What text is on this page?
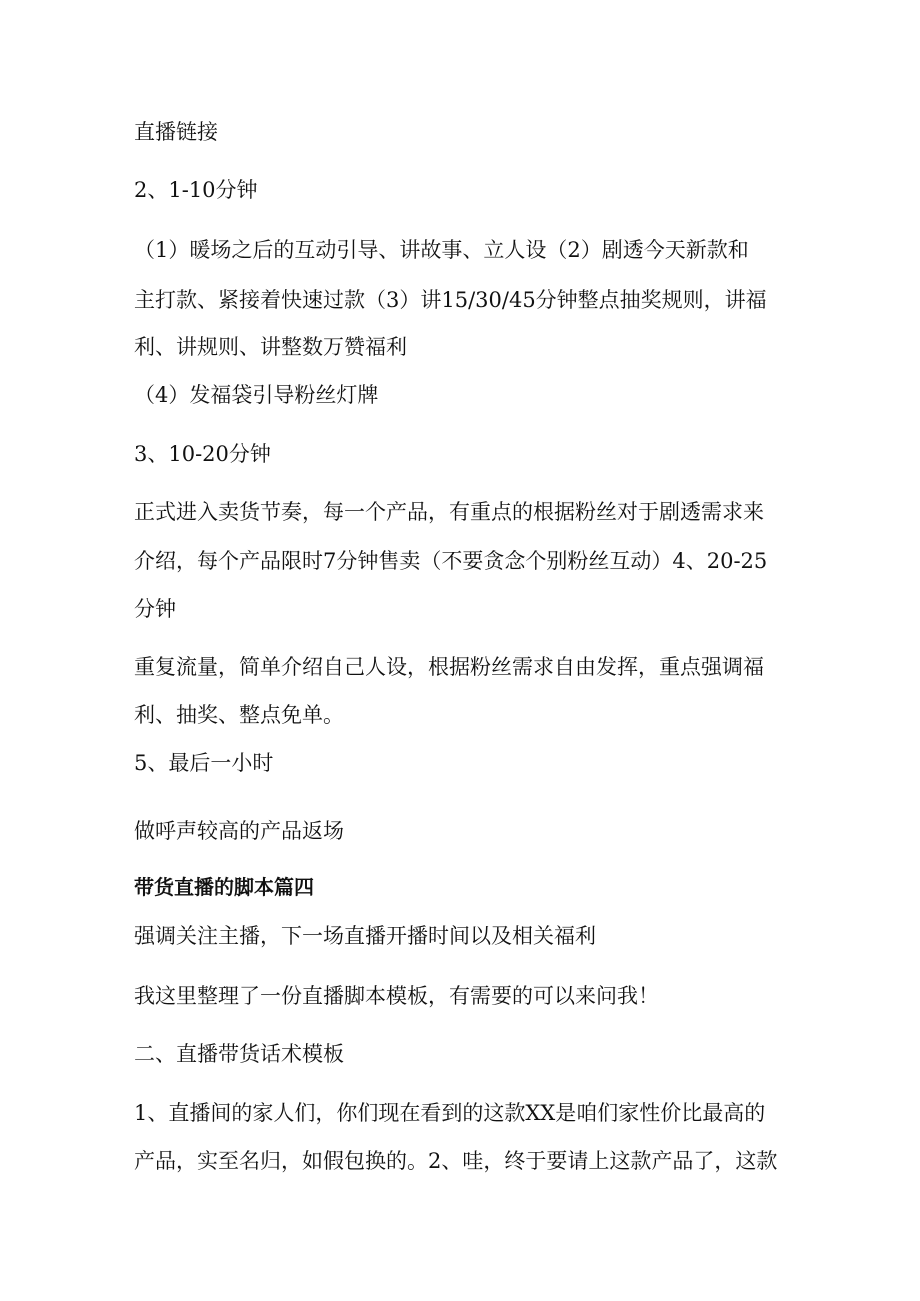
直播链接
2、1-10分钟
（1）暖场之后的互动引导、讲故事、立人设（2）剧透今天新款和
主打款、紧接着快速过款（3）讲15/30/45分钟整点抽奖规则，讲福
利、讲规则、讲整数万赞福利
（4）发福袋引导粉丝灯牌
3、10-20分钟
正式进入卖货节奏，每一个产品，有重点的根据粉丝对于剧透需求来
介绍，每个产品限时7分钟售卖（不要贪念个别粉丝互动）4、20-25
分钟
重复流量，简单介绍自己人设，根据粉丝需求自由发挥，重点强调福
利、抽奖、整点免单。
5、最后一小时
做呼声较高的产品返场
带货直播的脚本篇四
强调关注主播，下一场直播开播时间以及相关福利
我这里整理了一份直播脚本模板，有需要的可以来问我！
二、直播带货话术模板
1、直播间的家人们，你们现在看到的这款XX是咱们家性价比最高的
产品，实至名归，如假包换的。2、哇，终于要请上这款产品了，这款
